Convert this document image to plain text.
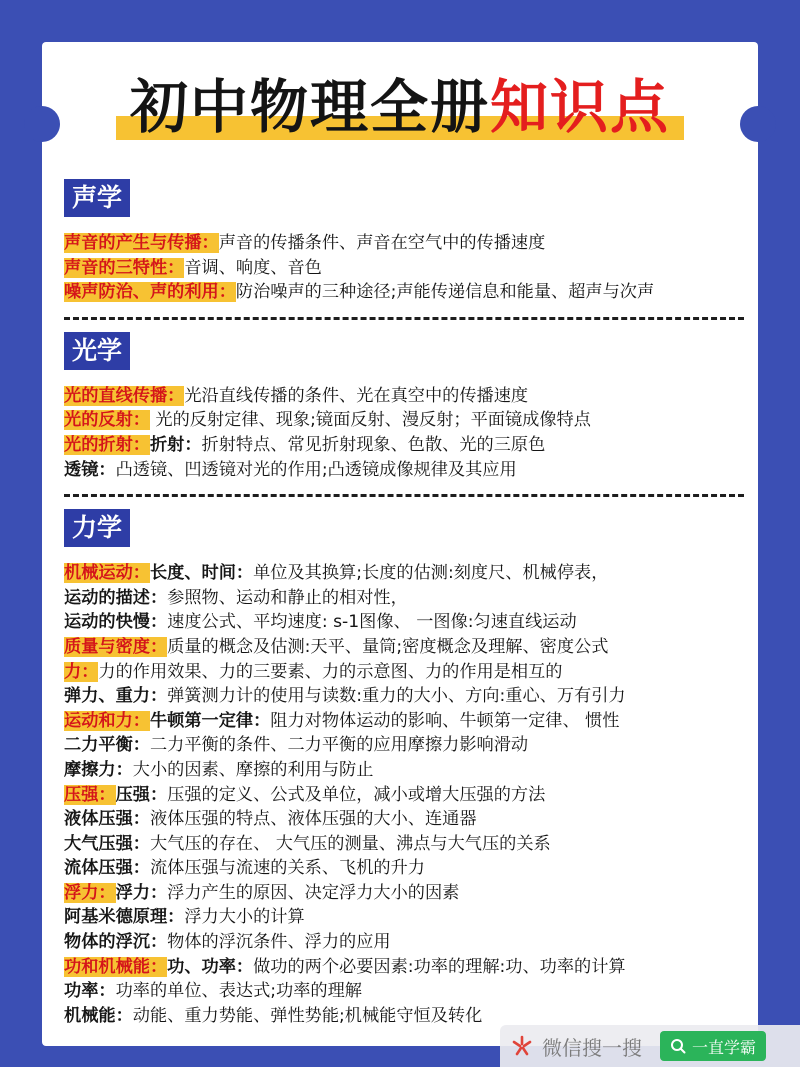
初中物理全册知识点
声学
声音的产生与传播：声音的传播条件、声音在空气中的传播速度
声音的三特性：音调、响度、音色
噪声防治、声的利用：防治噪声的三种途径;声能传递信息和能量、超声与次声
光学
光的直线传播：光沿直线传播的条件、光在真空中的传播速度
光的反射： 光的反射定律、现象;镜面反射、漫反射；平面镜成像特点
光的折射：折射：折射特点、常见折射现象、色散、光的三原色
透镜：凸透镜、凹透镜对光的作用;凸透镜成像规律及其应用
力学
机械运动：长度、时间：单位及其换算;长度的估测:刻度尺、机械停表，
运动的描述：参照物、运动和静止的相对性，
运动的快慢：速度公式、平均速度: s-1图像、 一图像:匀速直线运动
质量与密度：质量的概念及估测:天平、量筒;密度概念及理解、密度公式
力：力的作用效果、力的三要素、力的示意图、力的作用是相互的
弹力、重力：弹簧测力计的使用与读数:重力的大小、方向:重心、万有引力
运动和力：牛顿第一定律：阻力对物体运动的影响、牛顿第一定律、 惯性
二力平衡：二力平衡的条件、二力平衡的应用摩擦力影响滑动
摩擦力：大小的因素、摩擦的利用与防止
压强：压强：压强的定义、公式及单位，减小或增大压强的方法
液体压强：液体压强的特点、液体压强的大小、连通器
大气压强：大气压的存在、 大气压的测量、沸点与大气压的关系
流体压强：流体压强与流速的关系、飞机的升力
浮力：浮力：浮力产生的原因、决定浮力大小的因素
阿基米德原理：浮力大小的计算
物体的浮沉：物体的浮沉条件、浮力的应用
功和机械能：功、功率：做功的两个必要因素:功率的理解:功、功率的计算
功率：功率的单位、表达式;功率的理解
机械能：动能、重力势能、弹性势能;机械能守恒及转化
微信搜一搜	一直学霸
